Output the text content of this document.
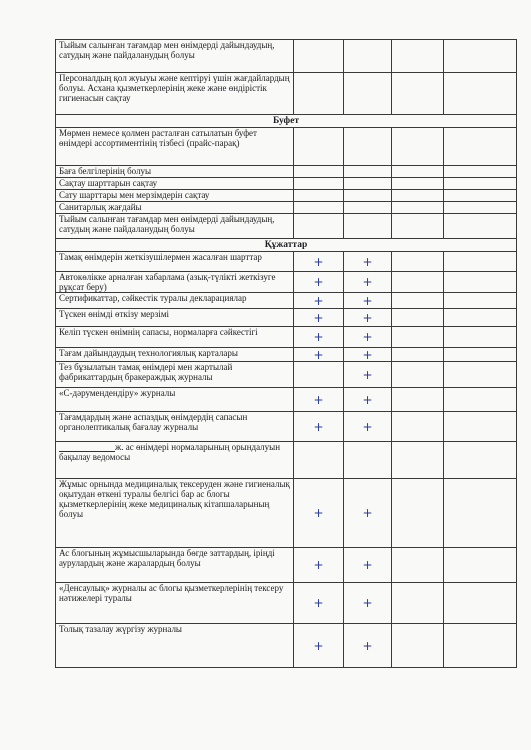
Тыйым салынған тағамдар мен өнімдерді дайындаудың, сатудың және пайдаланудың болуы				
Персоналдың қол жуыуы және кептіруі үшін жағдайлардың болуы. Асхана қызметкерлерінің жеке және өндірістік гигиенасын сақтау				
Буфет				
Мөрмен немесе қолмен расталған сатылатын буфет өнімдері ассортиментінің тізбесі (прайс-парақ)				
Баға белгілерінің болуы				
Сақтау шарттарын сақтау				
Сату шарттары мен мерзімдерін сақтау				
Санитарлық жағдайы				
Тыйым салынған тағамдар мен өнімдерді дайындаудың, сатудың және пайдаланудың болуы				
Құжаттар				
Тамақ өнімдерін жеткізушілермен жасалған шарттар	+	+		
Автокөлікке арналған хабарлама (азық-түлікті жеткізуге рұқсат беру)	+	+		
Сертификаттар, сәйкестік туралы декларациялар	+	+		
Түскен өнімді өткізу мерзімі	+	+		
Келіп түскен өнімнің сапасы, нормаларға сәйкестігі	+	+		
Тағам дайындаудың технологиялық карталары	+	+		
Тез бұзылатын тамақ өнімдері мен жартылай фабрикаттардың бракераждық журналы		+		
«С-дәрумендендіру» журналы	+	+		
Тағамдардың және аспаздық өнімдердің сапасын органолептикалық бағалау журналы	+	+		
ж. ас өнімдері нормаларының орындалуын бақылау ведомосы				
Жұмыс орнында медициналық тексеруден және гигиеналық оқытудан өткені туралы белгісі бар ас блогы қызметкерлерінің жеке медициналық кітапшаларының болуы	+	+		
Ас блогының жұмысшыларында бөгде заттардың, іріңді аурулардың және жаралардың болуы	+	+		
«Денсаулық» журналы ас блогы қызметкерлерінің тексеру нәтижелері туралы	+	+		
Толық тазалау жүргізу журналы	+	+		
